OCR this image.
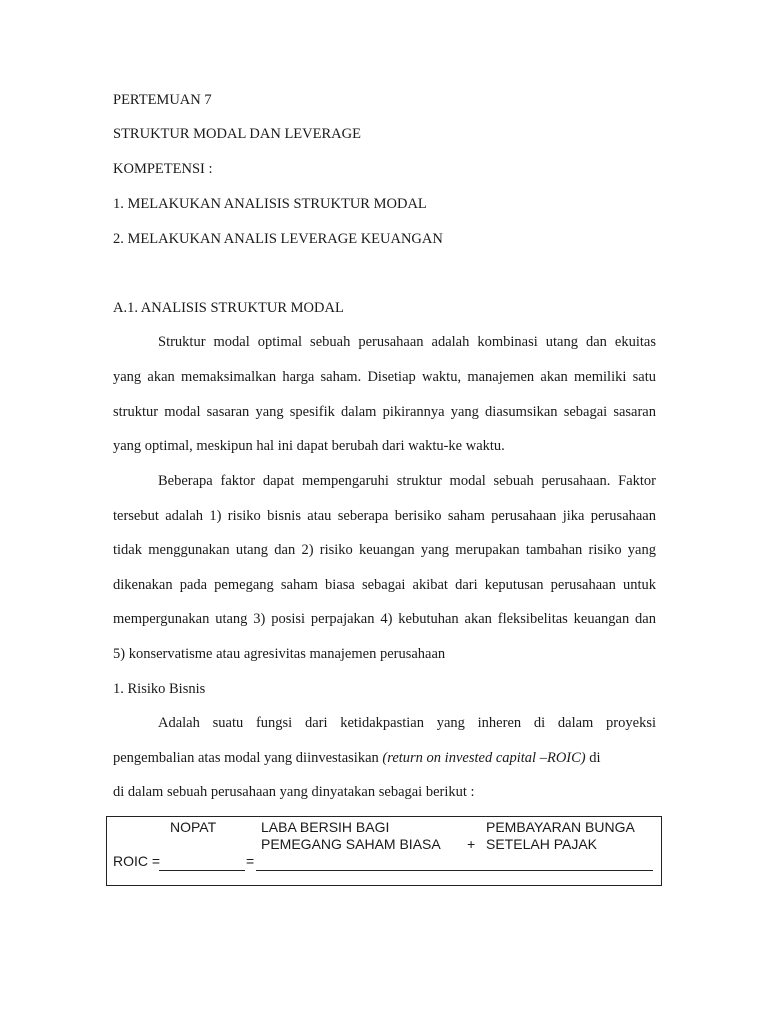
PERTEMUAN 7
STRUKTUR MODAL DAN LEVERAGE
KOMPETENSI :
1. MELAKUKAN ANALISIS STRUKTUR MODAL
2. MELAKUKAN ANALIS LEVERAGE KEUANGAN
A.1. ANALISIS STRUKTUR MODAL
Struktur modal optimal sebuah perusahaan adalah kombinasi utang dan ekuitas
yang akan memaksimalkan harga saham. Disetiap waktu, manajemen akan memiliki satu
struktur modal sasaran yang spesifik dalam pikirannya yang diasumsikan sebagai sasaran
yang optimal, meskipun hal ini dapat berubah dari waktu-ke waktu.
Beberapa faktor dapat mempengaruhi struktur modal sebuah perusahaan. Faktor
tersebut adalah 1) risiko bisnis atau seberapa berisiko saham perusahaan jika perusahaan
tidak menggunakan utang dan 2) risiko keuangan yang merupakan tambahan risiko yang
dikenakan pada pemegang saham biasa sebagai akibat dari keputusan perusahaan untuk
mempergunakan utang 3) posisi perpajakan 4) kebutuhan akan fleksibelitas keuangan dan
5) konservatisme atau agresivitas manajemen perusahaan
1. Risiko Bisnis
Adalah suatu fungsi dari ketidakpastian yang inheren di dalam proyeksi
pengembalian atas modal yang diinvestasikan (return on invested capital –ROIC) di
di dalam sebuah perusahaan yang dinyatakan sebagai berikut :
NOPAT	LABA BERSIH BAGI
PEMEGANG SAHAM BIASA +
PEMBAYARAN BUNGA
SETELAH PAJAK
ROIC =	=
